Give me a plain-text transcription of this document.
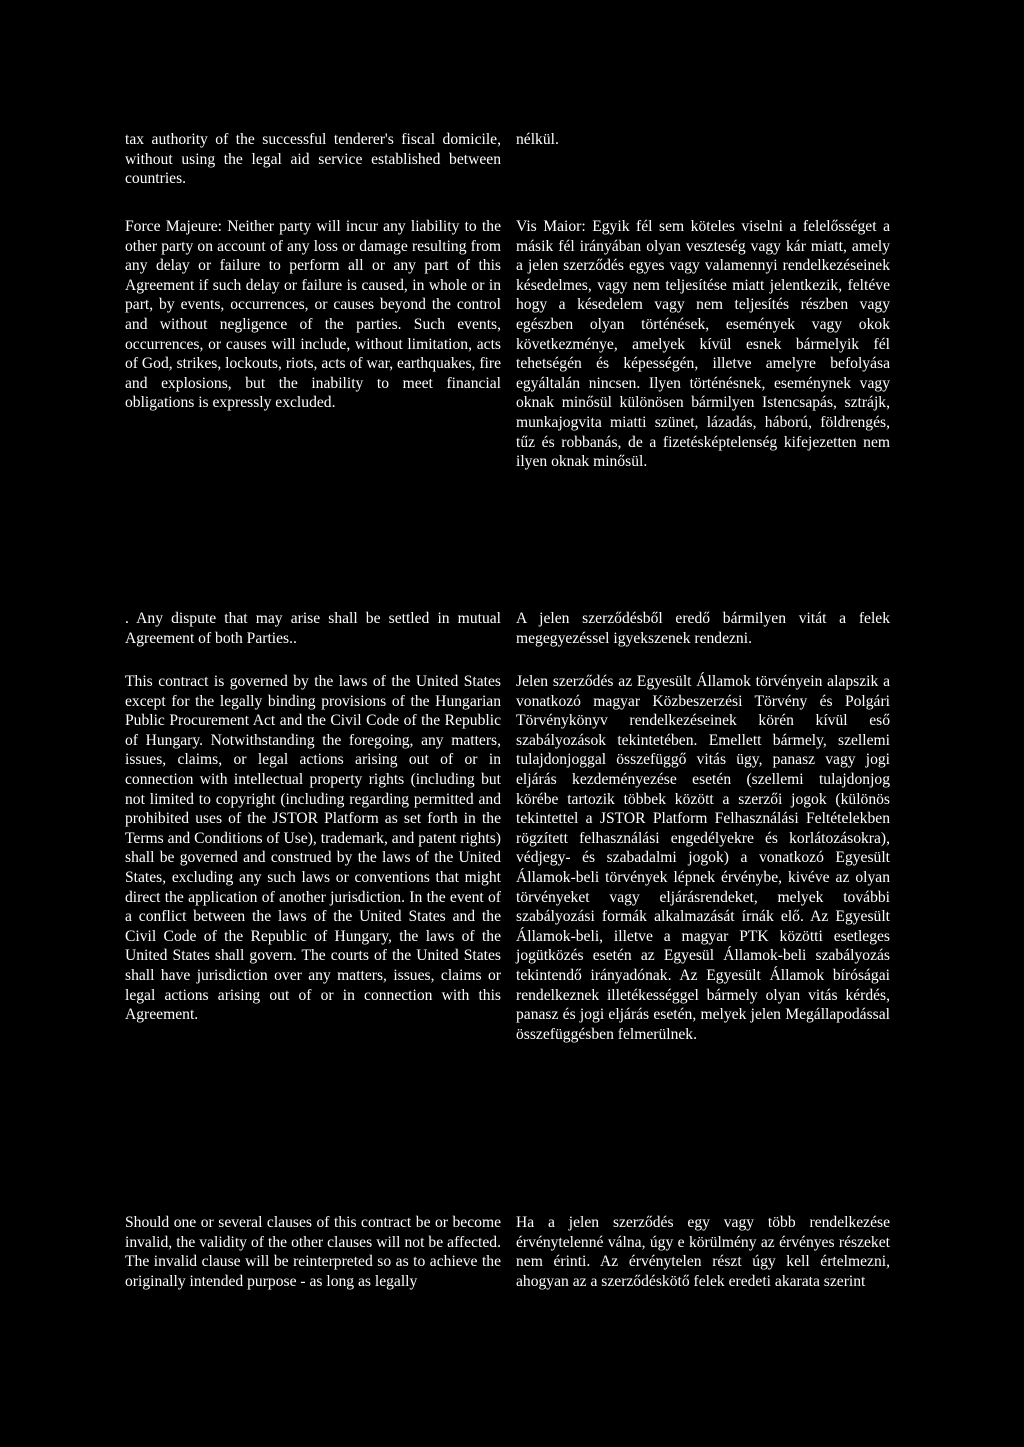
tax authority of the successful tenderer's fiscal domicile, without using the legal aid service established between countries.

nélkül.

Force Majeure: Neither party will incur any liability to the other party on account of any loss or damage resulting from any delay or failure to perform all or any part of this Agreement if such delay or failure is caused, in whole or in part, by events, occurrences, or causes beyond the control and without negligence of the parties. Such events, occurrences, or causes will include, without limitation, acts of God, strikes, lockouts, riots, acts of war, earthquakes, fire and explosions, but the inability to meet financial obligations is expressly excluded.

Vis Maior: Egyik fél sem köteles viselni a felelősséget a másik fél irányában olyan veszteség vagy kár miatt, amely a jelen szerződés egyes vagy valamennyi rendelkezéseinek késedelmes, vagy nem teljesítése miatt jelentkezik, feltéve hogy a késedelem vagy nem teljesítés részben vagy egészben olyan történések, események vagy okok következménye, amelyek kívül esnek bármelyik fél tehetségén és képességén, illetve amelyre befolyása egyáltalán nincsen. Ilyen történésnek, eseménynek vagy oknak minősül különösen bármilyen Istencsapás, sztrájk, munkajogvita miatti szünet, lázadás, háború, földrengés, tűz és robbanás, de a fizetésképtelenség kifejezetten nem ilyen oknak minősül.

. Any dispute that may arise shall be settled in mutual Agreement of both Parties..

A jelen szerződésből eredő bármilyen vitát a felek megegyezéssel igyekszenek rendezni.

This contract is governed by the laws of the United States except for the legally binding provisions of the Hungarian Public Procurement Act and the Civil Code of the Republic of Hungary. Notwithstanding the foregoing, any matters, issues, claims, or legal actions arising out of or in connection with intellectual property rights (including but not limited to copyright (including regarding permitted and prohibited uses of the JSTOR Platform as set forth in the Terms and Conditions of Use), trademark, and patent rights) shall be governed and construed by the laws of the United States, excluding any such laws or conventions that might direct the application of another jurisdiction. In the event of a conflict between the laws of the United States and the Civil Code of the Republic of Hungary, the laws of the United States shall govern. The courts of the United States shall have jurisdiction over any matters, issues, claims or legal actions arising out of or in connection with this Agreement.

Jelen szerződés az Egyesült Államok törvényein alapszik a vonatkozó magyar Közbeszerzési Törvény és Polgári Törvénykönyv rendelkezéseinek körén kívül eső szabályozások tekintetében. Emellett bármely, szellemi tulajdonjoggal összefüggő vitás ügy, panasz vagy jogi eljárás kezdeményezése esetén (szellemi tulajdonjog körébe tartozik többek között a szerzői jogok (különös tekintettel a JSTOR Platform Felhasználási Feltételekben rögzített felhasználási engedélyekre és korlátozásokra), védjegy- és szabadalmi jogok) a vonatkozó Egyesült Államok-beli törvények lépnek érvénybe, kivéve az olyan törvényeket vagy eljárásrendeket, melyek további szabályozási formák alkalmazását írnák elő. Az Egyesült Államok-beli, illetve a magyar PTK közötti esetleges jogütközés esetén az Egyesül Államok-beli szabályozás tekintendő irányadónak. Az Egyesült Államok bíróságai rendelkeznek illetékességgel bármely olyan vitás kérdés, panasz és jogi eljárás esetén, melyek jelen Megállapodással összefüggésben felmerülnek.

Should one or several clauses of this contract be or become invalid, the validity of the other clauses will not be affected. The invalid clause will be reinterpreted so as to achieve the originally intended purpose - as long as legally

Ha a jelen szerződés egy vagy több rendelkezése érvénytelenné válna, úgy e körülmény az érvényes részeket nem érinti. Az érvénytelen részt úgy kell értelmezni, ahogyan az a szerződéskötő felek eredeti akarata szerint
